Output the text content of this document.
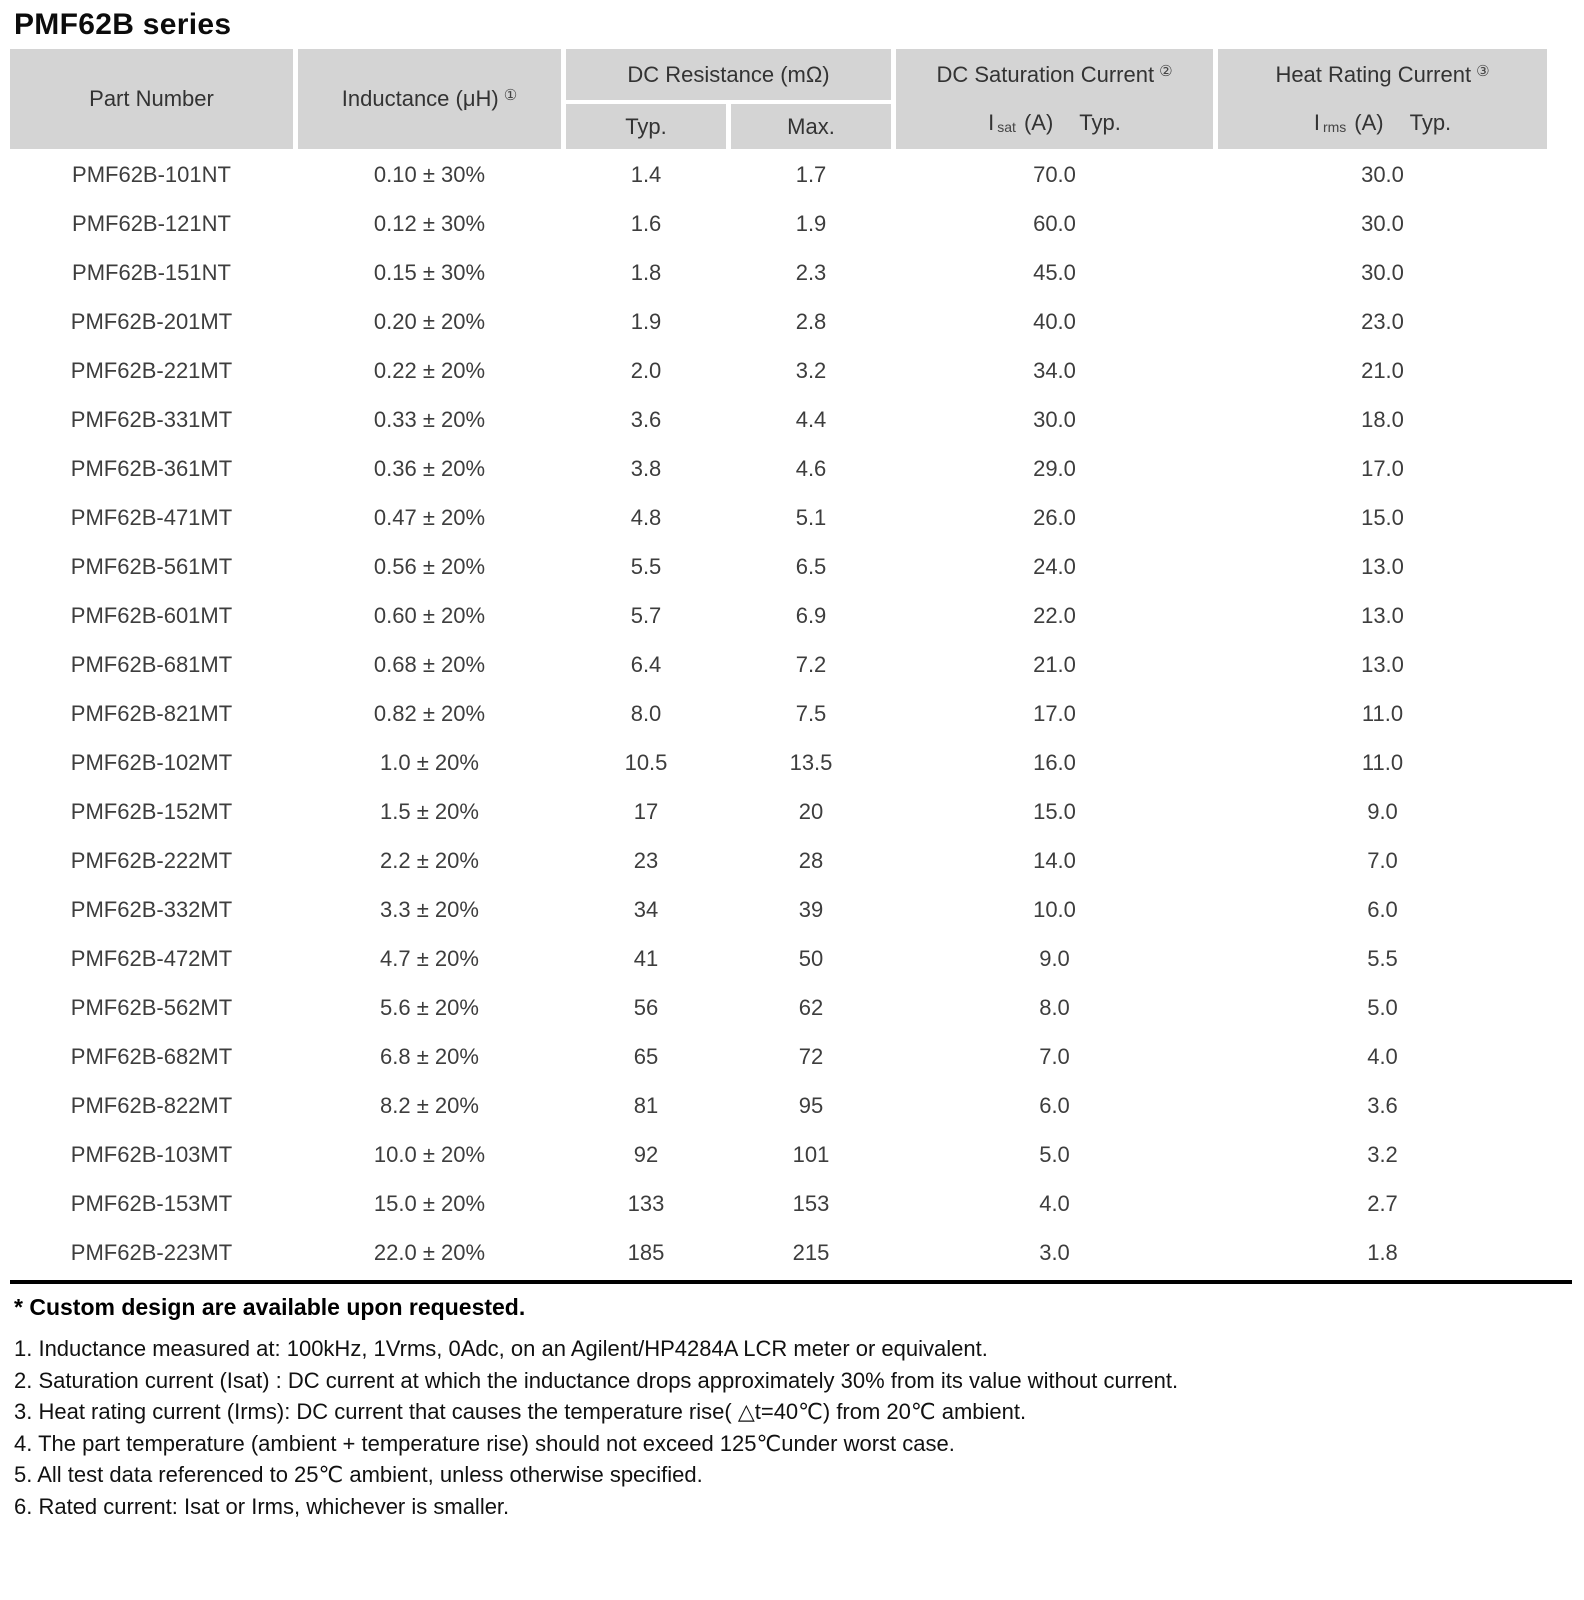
PMF62B series
Part Number	Inductance (μH) ①
DC Resistance (mΩ)
Typ.	Max.
DC Saturation Current ②
I sat (A) Typ.
Heat Rating Current ③
I rms (A) Typ.
PMF62B-101NT	0.10 ± 30%	1.4	1.7	70.0	30.0
PMF62B-121NT	0.12 ± 30%	1.6	1.9	60.0	30.0
PMF62B-151NT	0.15 ± 30%	1.8	2.3	45.0	30.0
PMF62B-201MT	0.20 ± 20%	1.9	2.8	40.0	23.0
PMF62B-221MT	0.22 ± 20%	2.0	3.2	34.0	21.0
PMF62B-331MT	0.33 ± 20%	3.6	4.4	30.0	18.0
PMF62B-361MT	0.36 ± 20%	3.8	4.6	29.0	17.0
PMF62B-471MT	0.47 ± 20%	4.8	5.1	26.0	15.0
PMF62B-561MT	0.56 ± 20%	5.5	6.5	24.0	13.0
PMF62B-601MT	0.60 ± 20%	5.7	6.9	22.0	13.0
PMF62B-681MT	0.68 ± 20%	6.4	7.2	21.0	13.0
PMF62B-821MT	0.82 ± 20%	8.0	7.5	17.0	11.0
PMF62B-102MT	1.0 ± 20%	10.5	13.5	16.0	11.0
PMF62B-152MT	1.5 ± 20%	17	20	15.0	9.0
PMF62B-222MT	2.2 ± 20%	23	28	14.0	7.0
PMF62B-332MT	3.3 ± 20%	34	39	10.0	6.0
PMF62B-472MT	4.7 ± 20%	41	50	9.0	5.5
PMF62B-562MT	5.6 ± 20%	56	62	8.0	5.0
PMF62B-682MT	6.8 ± 20%	65	72	7.0	4.0
PMF62B-822MT	8.2 ± 20%	81	95	6.0	3.6
PMF62B-103MT	10.0 ± 20%	92	101	5.0	3.2
PMF62B-153MT	15.0 ± 20%	133	153	4.0	2.7
PMF62B-223MT	22.0 ± 20%	185	215	3.0	1.8
* Custom design are available upon requested.
1. Inductance measured at: 100kHz, 1Vrms, 0Adc, on an Agilent/HP4284A LCR meter or equivalent.
2. Saturation current (Isat) : DC current at which the inductance drops approximately 30% from its value without current.
3. Heat rating current (Irms): DC current that causes the temperature rise( △t=40℃) from 20℃ ambient.
4. The part temperature (ambient + temperature rise) should not exceed 125℃under worst case.
5. All test data referenced to 25℃ ambient, unless otherwise specified.
6. Rated current: Isat or Irms, whichever is smaller.
